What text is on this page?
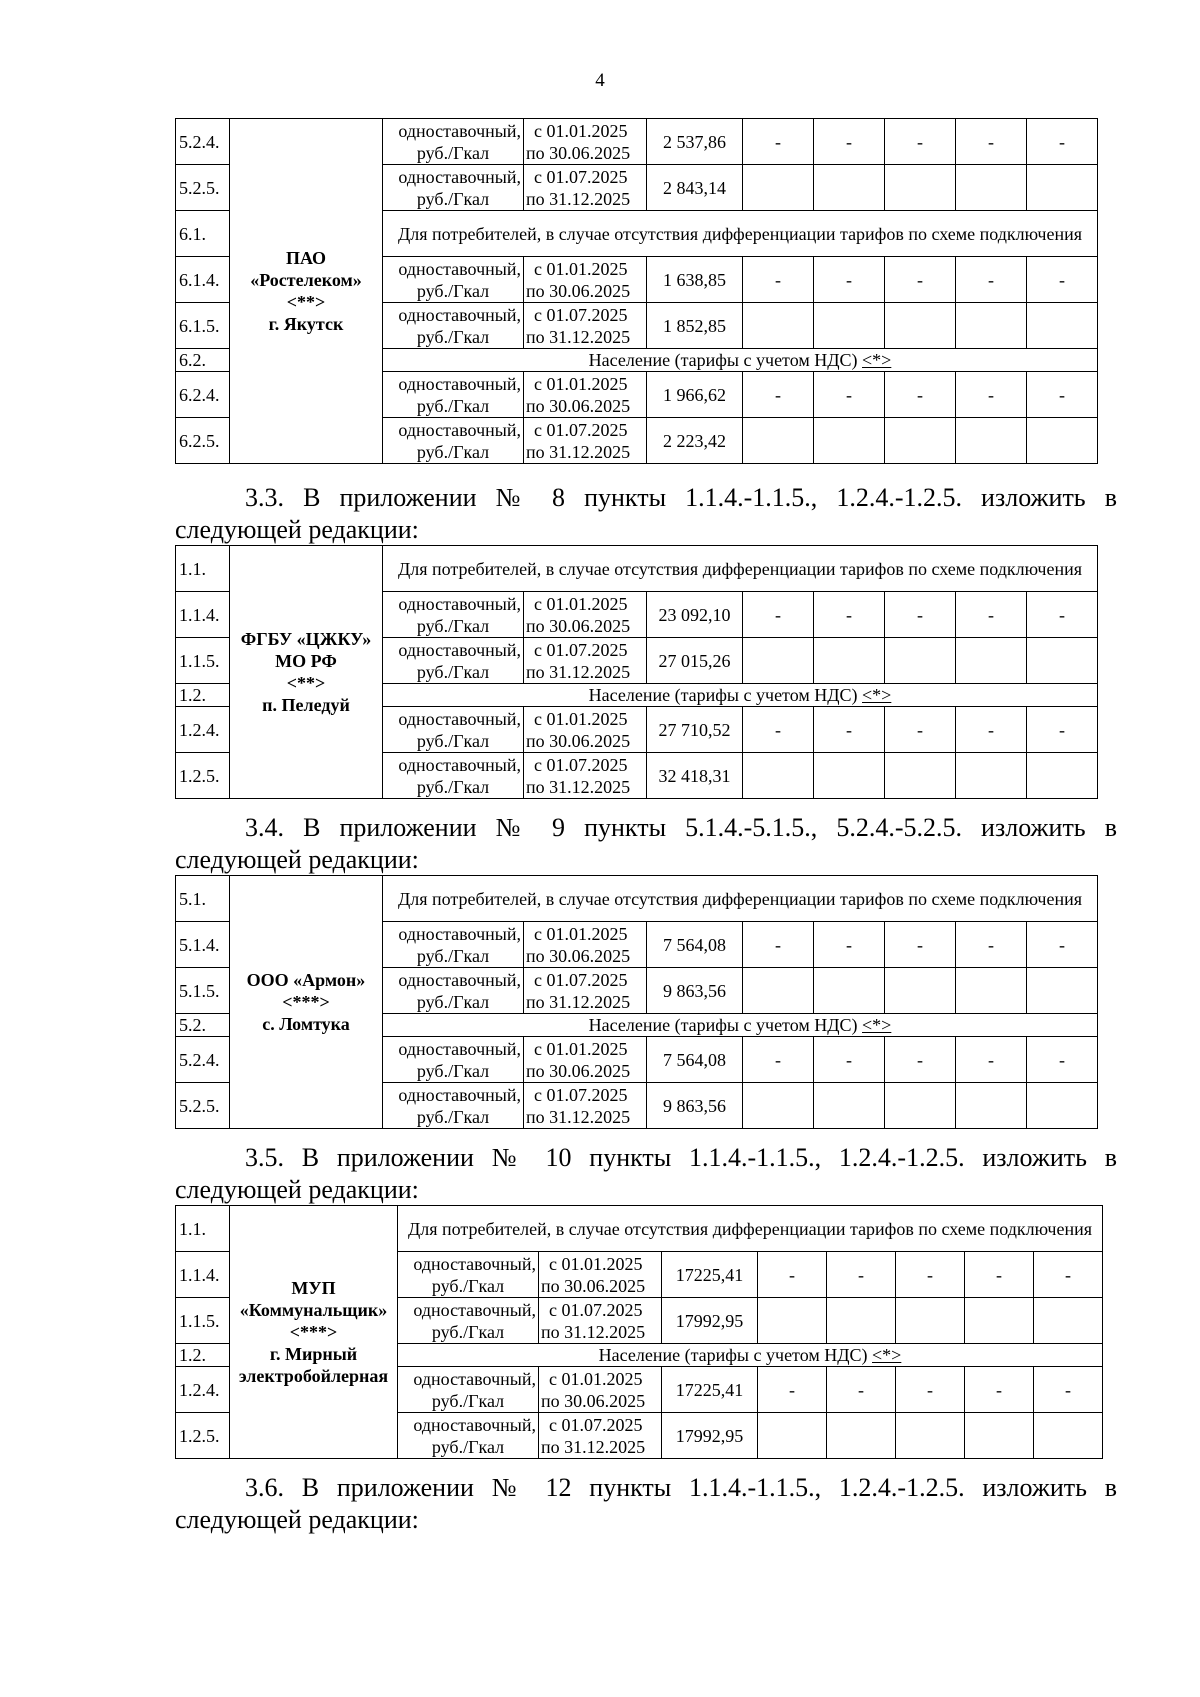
4
5.2.4.	ПАО
«Ростелеком»
<**>
г. Якутск	одноставочный,
руб./Гкал	с 01.01.2025
по 30.06.2025	2 537,86	-	-	-	-	-
5.2.5.		одноставочный,
руб./Гкал	с 01.07.2025
по 31.12.2025	2 843,14					
6.1.		Для потребителей, в случае отсутствия дифференциации тарифов по схеме подключения							
6.1.4.		одноставочный,
руб./Гкал	с 01.01.2025
по 30.06.2025	1 638,85	-	-	-	-	-
6.1.5.		одноставочный,
руб./Гкал	с 01.07.2025
по 31.12.2025	1 852,85					
6.2.		Население (тарифы с учетом НДС) <*>							
6.2.4.		одноставочный,
руб./Гкал	с 01.01.2025
по 30.06.2025	1 966,62	-	-	-	-	-
6.2.5.		одноставочный,
руб./Гкал	с 01.07.2025
по 31.12.2025	2 223,42					
3.3. В приложении № 8 пункты 1.1.4.-1.1.5., 1.2.4.-1.2.5. изложить в
следующей редакции:
1.1.	ФГБУ «ЦЖКУ»
МО РФ
<**>
п. Пеледуй	Для потребителей, в случае отсутствия дифференциации тарифов по схеме подключения							
1.1.4.		одноставочный,
руб./Гкал	с 01.01.2025
по 30.06.2025	23 092,10	-	-	-	-	-
1.1.5.		одноставочный,
руб./Гкал	с 01.07.2025
по 31.12.2025	27 015,26					
1.2.		Население (тарифы с учетом НДС) <*>							
1.2.4.		одноставочный,
руб./Гкал	с 01.01.2025
по 30.06.2025	27 710,52	-	-	-	-	-
1.2.5.		одноставочный,
руб./Гкал	с 01.07.2025
по 31.12.2025	32 418,31					
3.4. В приложении № 9 пункты 5.1.4.-5.1.5., 5.2.4.-5.2.5. изложить в
следующей редакции:
5.1.	ООО «Армон»
<***>
с. Ломтука	Для потребителей, в случае отсутствия дифференциации тарифов по схеме подключения							
5.1.4.		одноставочный,
руб./Гкал	с 01.01.2025
по 30.06.2025	7 564,08	-	-	-	-	-
5.1.5.		одноставочный,
руб./Гкал	с 01.07.2025
по 31.12.2025	9 863,56					
5.2.		Население (тарифы с учетом НДС) <*>							
5.2.4.		одноставочный,
руб./Гкал	с 01.01.2025
по 30.06.2025	7 564,08	-	-	-	-	-
5.2.5.		одноставочный,
руб./Гкал	с 01.07.2025
по 31.12.2025	9 863,56					
3.5. В приложении № 10 пункты 1.1.4.-1.1.5., 1.2.4.-1.2.5. изложить в
следующей редакции:
1.1.	МУП
«Коммунальщик»
<***>
г. Мирный
электробойлерная	Для потребителей, в случае отсутствия дифференциации тарифов по схеме подключения							
1.1.4.		одноставочный,
руб./Гкал	с 01.01.2025
по 30.06.2025	17225,41	-	-	-	-	-
1.1.5.		одноставочный,
руб./Гкал	с 01.07.2025
по 31.12.2025	17992,95					
1.2.		Население (тарифы с учетом НДС) <*>							
1.2.4.		одноставочный,
руб./Гкал	с 01.01.2025
по 30.06.2025	17225,41	-	-	-	-	-
1.2.5.		одноставочный,
руб./Гкал	с 01.07.2025
по 31.12.2025	17992,95					
3.6. В приложении № 12 пункты 1.1.4.-1.1.5., 1.2.4.-1.2.5. изложить в
следующей редакции:
